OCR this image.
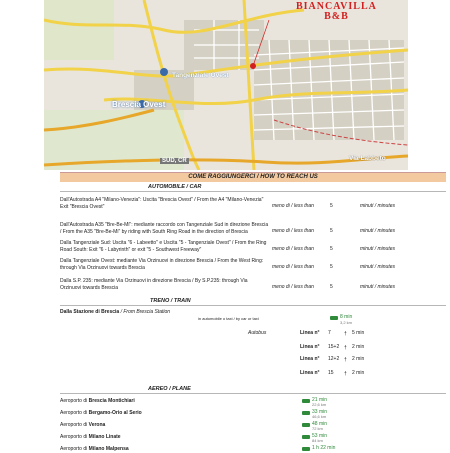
BIANCAVILLA
B&B
Tangenziale Ovest
Brescia Ovest
SUD, CR	Via Labbeto
COME RAGGIUNGERCI / HOW TO REACH US
AUTOMOBILE / CAR
Dall'Autostrada A4 "Milano-Venezia": Uscita "Brescia Ovest" / From the A4 "Milano-Venezia" Exit "Brescia Ovest"	meno di / less than	5	minuti / minutes
Dall'Autostrada A35 "Bre-Be-Mi": mediante raccordo con Tangenziale Sud in direzione Brescia / From the A35 "Bre-Be-Mi" by riding with South Ring Road in the direction of Brescia	meno di / less than	5	minuti / minutes
Dalla Tangenziale Sud: Uscita "6 - Labeetto" e Uscita "5 - Tangenziale Ovest" / From the Ring Road South: Exit "6 - Labyrinth" or exit "5 - Southwest Freeway"	meno di / less than	5	minuti / minutes
Dalla Tangenziale Ovest: mediante Via Orzinuovi in direzione Brescia / From the West Ring: through Via Orzinuovi towards Brescia	meno di / less than	5	minuti / minutes
Dalla S.P. 235: mediante Via Orzinuovi in direzione Brescia / By S.P.235: through Via Orzinuovi towards Brescia	meno di / less than	5	minuti / minutes
TRENO / TRAIN
Dalla Stazione di Brescia / From Brescia Station
in automobile o taxi / by car or taxi	8 min
3,2 km
Autobus	Linea n° 7	† 5 min
Linea n° 15+2 † 2 min
Linea n° 12+2 † 2 min
Linea n° 15 † 2 min
AEREO / PLANE
Aeroporto di Brescia Montichiari	21 min
22,6 km
Aeroporto di Bergamo-Orio al Serio	33 min
46,6 km
Aeroporto di Verona	48 min
72 km
Aeroporto di Milano Linate	53 min
84 km
Aeroporto di Milano Malpensa	1 h 22 min
